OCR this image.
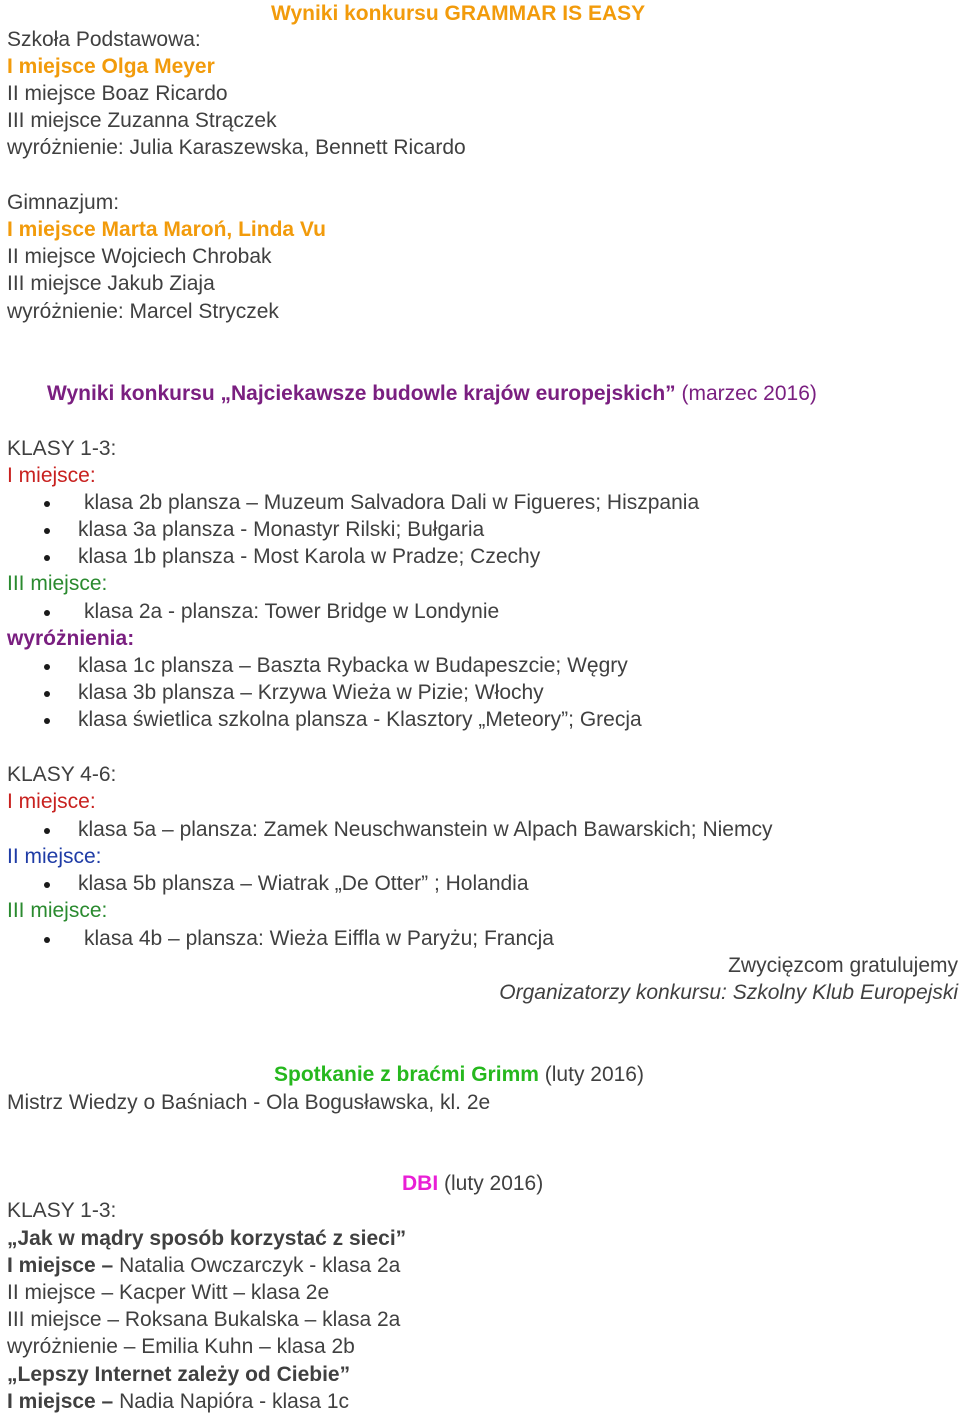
Wyniki konkursu GRAMMAR IS EASY
Szkoła Podstawowa:
I miejsce Olga Meyer
II miejsce Boaz Ricardo
III miejsce Zuzanna Strączek
wyróżnienie: Julia Karaszewska, Bennett Ricardo
Gimnazjum:
I miejsce Marta Maroń, Linda Vu
II miejsce Wojciech Chrobak
III miejsce Jakub Ziaja
wyróżnienie: Marcel Stryczek
Wyniki konkursu „Najciekawsze budowle krajów europejskich” (marzec 2016)
KLASY 1-3:
I miejsce:
klasa 2b plansza – Muzeum Salvadora Dali w Figueres; Hiszpania
klasa 3a plansza - Monastyr Rilski; Bułgaria
klasa 1b plansza - Most Karola w Pradze; Czechy
III miejsce:
klasa 2a - plansza: Tower Bridge w Londynie
wyróżnienia:
klasa 1c plansza – Baszta Rybacka w Budapeszcie; Węgry
klasa 3b plansza – Krzywa Wieża w Pizie; Włochy
klasa świetlica szkolna plansza - Klasztory „Meteory”; Grecja
KLASY 4-6:
I miejsce:
klasa 5a – plansza: Zamek Neuschwanstein w Alpach Bawarskich; Niemcy
II miejsce:
klasa 5b plansza – Wiatrak „De Otter” ; Holandia
III miejsce:
klasa 4b – plansza: Wieża Eiffla w Paryżu; Francja
Zwycięzcom gratulujemy
Organizatorzy konkursu: Szkolny Klub Europejski
Spotkanie z braćmi Grimm (luty 2016)
Mistrz Wiedzy o Baśniach - Ola Bogusławska, kl. 2e
DBI (luty 2016)
KLASY 1-3:
„Jak w mądry sposób korzystać z sieci”
I miejsce – Natalia Owczarczyk - klasa 2a
II miejsce – Kacper Witt – klasa 2e
III miejsce – Roksana Bukalska – klasa 2a
wyróżnienie – Emilia Kuhn – klasa 2b
„Lepszy Internet zależy od Ciebie”
I miejsce – Nadia Napióra - klasa 1c
